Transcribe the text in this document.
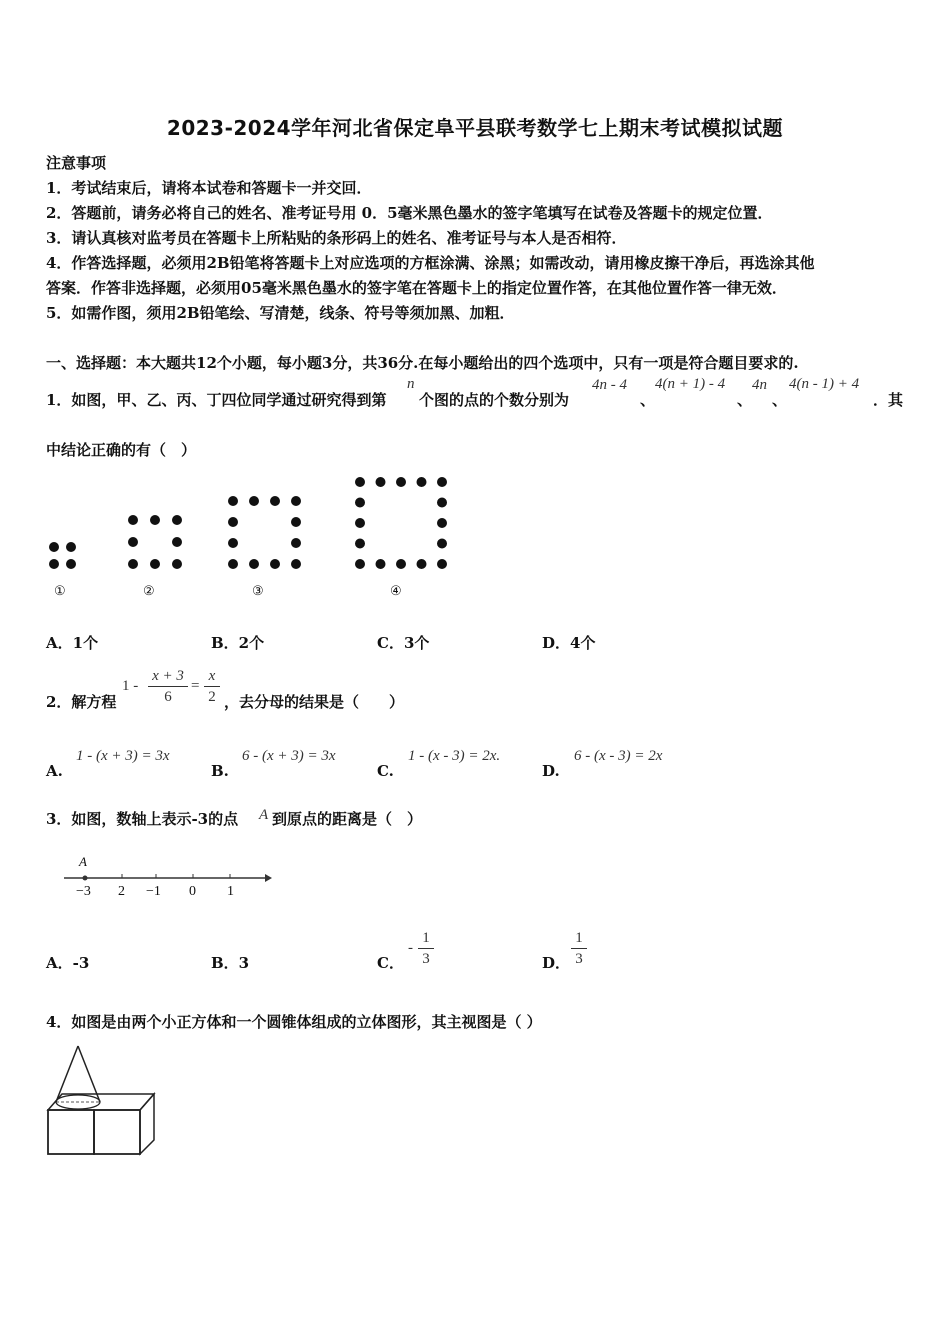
2023-2024学年河北省保定阜平县联考数学七上期末考试模拟试题
注意事项
1．考试结束后，请将本试卷和答题卡一并交回．
2．答题前，请务必将自己的姓名、准考证号用 0．5毫米黑色墨水的签字笔填写在试卷及答题卡的规定位置．
3．请认真核对监考员在答题卡上所粘贴的条形码上的姓名、准考证号与本人是否相符．
4．作答选择题，必须用2B铅笔将答题卡上对应选项的方框涂满、涂黑；如需改动，请用橡皮擦干净后，再选涂其他
答案．作答非选择题，必须用05毫米黑色墨水的签字笔在答题卡上的指定位置作答，在其他位置作答一律无效．
5．如需作图，须用2B铅笔绘、写清楚，线条、符号等须加黑、加粗．
一、选择题：本大题共12个小题，每小题3分，共36分.在每小题给出的四个选项中，只有一项是符合题目要求的.
1．如图，甲、乙、丙、丁四位同学通过研究得到第
n
个图的点的个数分别为
4n - 4
、
4(n + 1) - 4
、
4n
、
4(n - 1) + 4
．其
中结论正确的有（　）
①	②	③	④
A．1个	B．2个	C．3个	D．4个
2．解方程
$1 - \frac{x + 3}{6} = \frac{x}{2}$ ，去分母的结果是（　　）
A.
1 - (x + 3) = 3x
B.
6 - (x + 3) = 3x
C.
1 - (x - 3) = 2x.
D.
6 - (x - 3) = 2x
3．如图，数轴上表示-3的点 A 到原点的距离是（　）
A
−3 2 −1 0 1
A．-3	B．3	C．
- $\frac{1}{3}$	D． $\frac{1}{3}$
4．如图是由两个小正方体和一个圆锥体组成的立体图形，其主视图是（ ）
